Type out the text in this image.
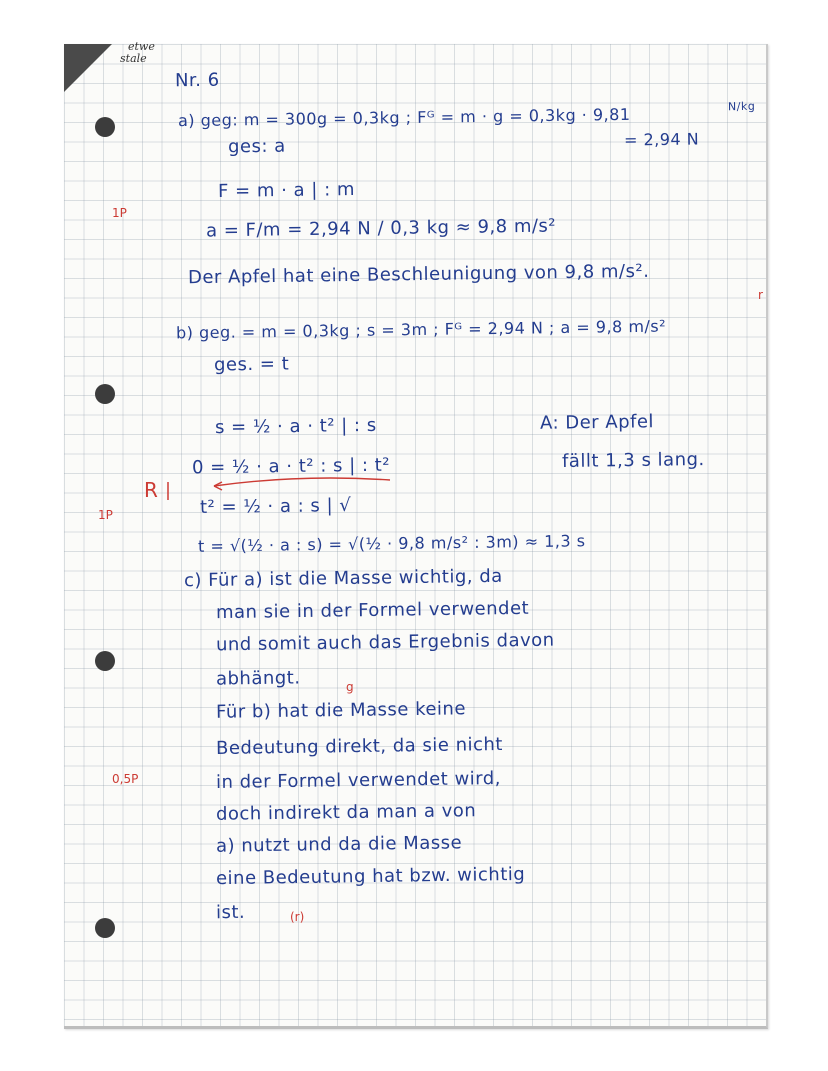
etwe
stale
Nr. 6
a) geg: m = 300g = 0,3kg ; Fᴳ = m · g = 0,3kg · 9,81	N/kg
= 2,94 N
ges: a
F = m · a | : m
a = F/m = 2,94 N / 0,3 kg ≈ 9,8 m/s²
Der Apfel hat eine Beschleunigung von 9,8 m/s².
b) geg. = m = 0,3kg ; s = 3m ; Fᴳ = 2,94 N ; a = 9,8 m/s²
ges. = t
s = ½ · a · t² | : s	A: Der Apfel
fällt 1,3 s lang.
0 = ½ · a · t² : s | : t²
t² = ½ · a : s | √
t = √(½ · a : s) = √(½ · 9,8 m/s² : 3m) ≈ 1,3 s
c) Für a) ist die Masse wichtig, da
man sie in der Formel verwendet
und somit auch das Ergebnis davon
abhängt.
Für b) hat die Masse keine
Bedeutung direkt, da sie nicht
in der Formel verwendet wird,
doch indirekt da man a von
a) nutzt und da die Masse
eine Bedeutung hat bzw. wichtig
ist.
1P
1P
0,5P
R
g
r
(r)
